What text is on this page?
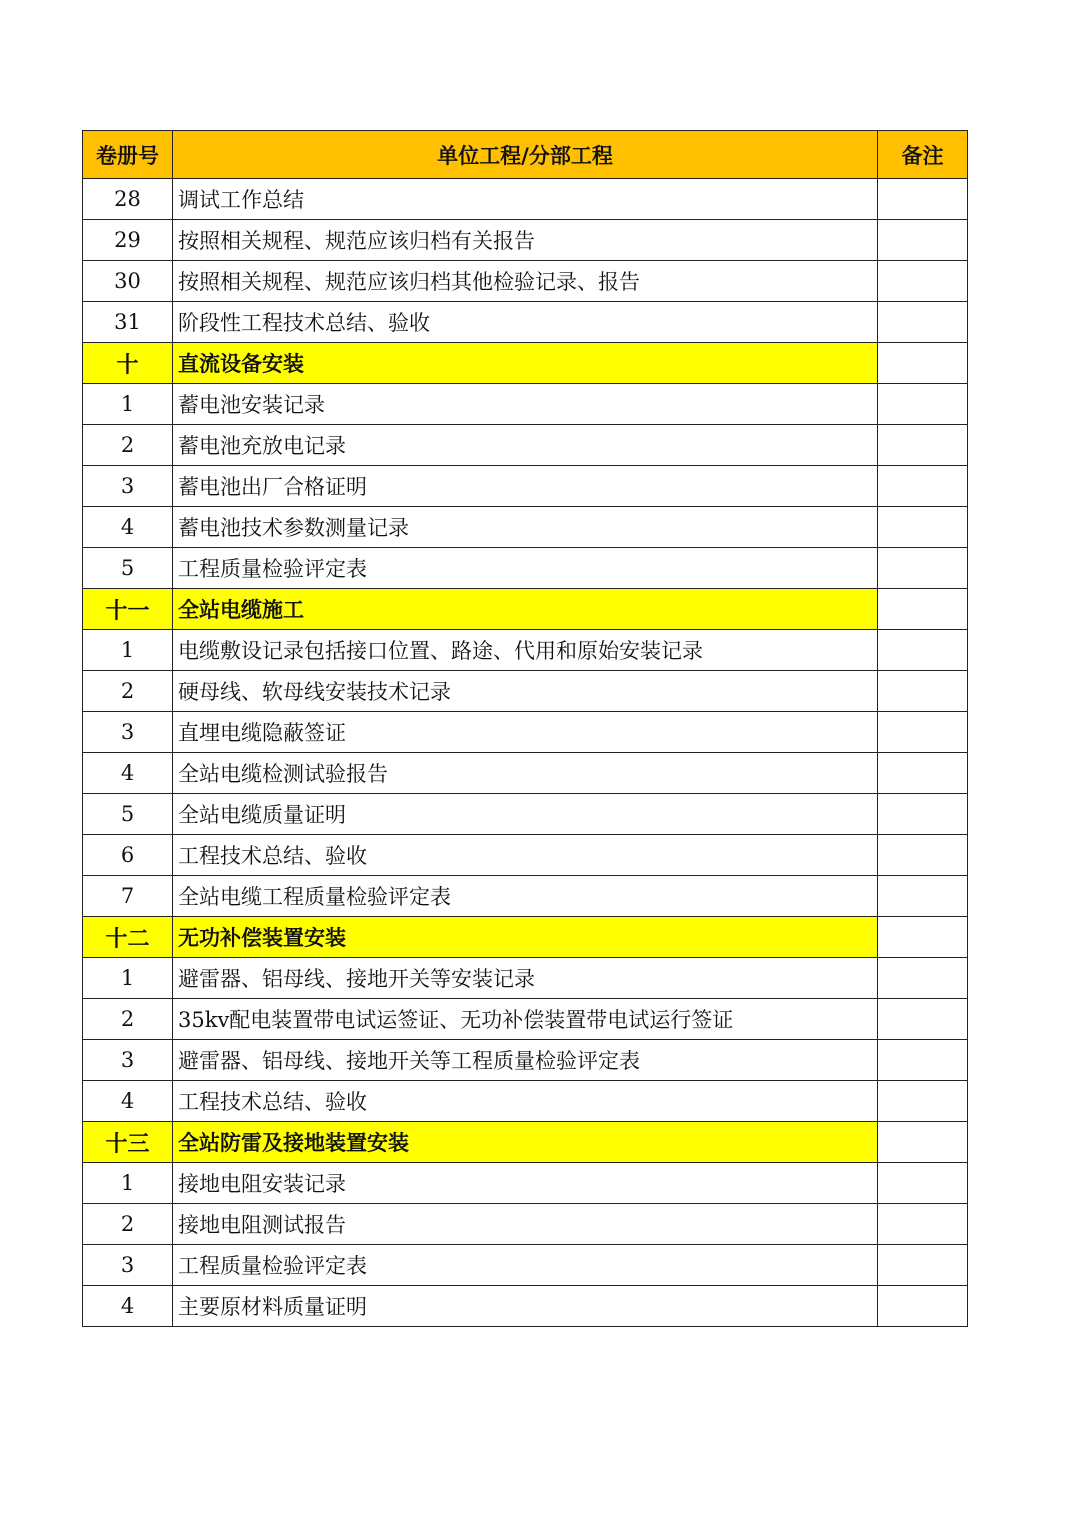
卷册号	单位工程/分部工程	备注
28	调试工作总结	
29	按照相关规程、规范应该归档有关报告	
30	按照相关规程、规范应该归档其他检验记录、报告	
31	阶段性工程技术总结、验收	
十	直流设备安装	
1	蓄电池安装记录	
2	蓄电池充放电记录	
3	蓄电池出厂合格证明	
4	蓄电池技术参数测量记录	
5	工程质量检验评定表	
十一	全站电缆施工	
1	电缆敷设记录包括接口位置、路途、代用和原始安装记录	
2	硬母线、软母线安装技术记录	
3	直埋电缆隐蔽签证	
4	全站电缆检测试验报告	
5	全站电缆质量证明	
6	工程技术总结、验收	
7	全站电缆工程质量检验评定表	
十二	无功补偿装置安装	
1	避雷器、铝母线、接地开关等安装记录	
2	35kv配电装置带电试运签证、无功补偿装置带电试运行签证	
3	避雷器、铝母线、接地开关等工程质量检验评定表	
4	工程技术总结、验收	
十三	全站防雷及接地装置安装	
1	接地电阻安装记录	
2	接地电阻测试报告	
3	工程质量检验评定表	
4	主要原材料质量证明	
